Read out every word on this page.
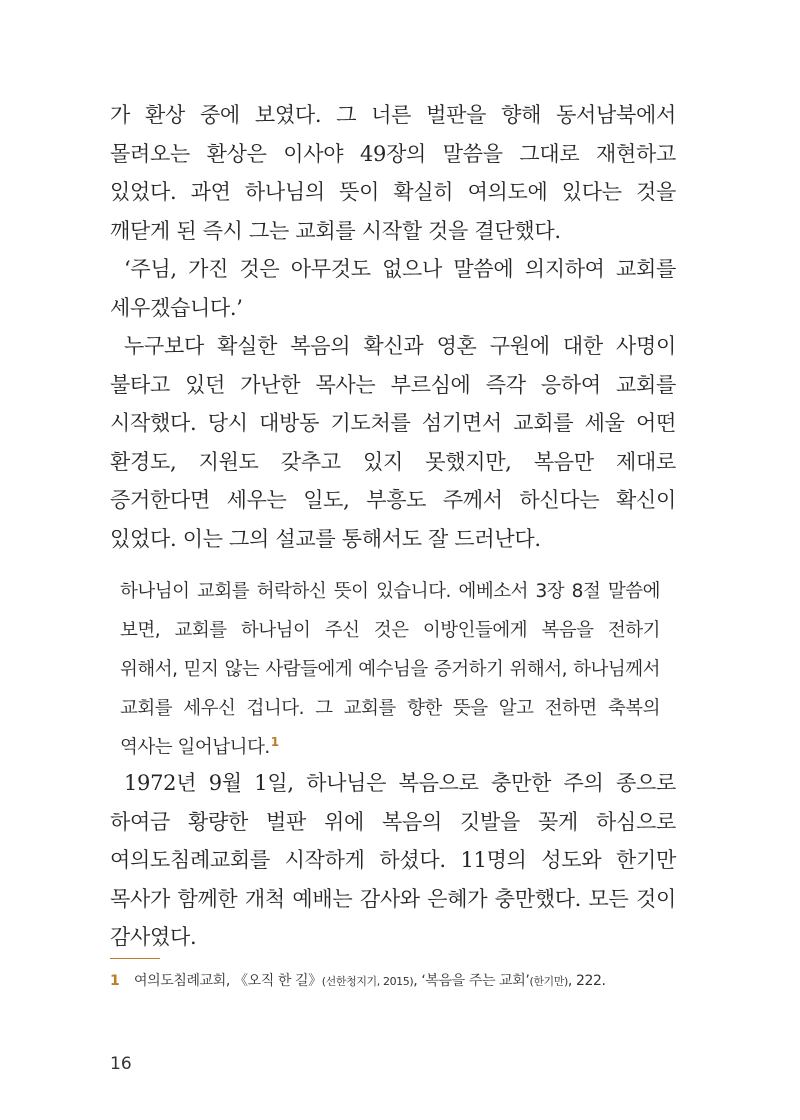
가 환상 중에 보였다. 그 너른 벌판을 향해 동서남북에서 몰려오는 환상은 이사야 49장의 말씀을 그대로 재현하고 있었다. 과연 하나님의 뜻이 확실히 여의도에 있다는 것을 깨닫게 된 즉시 그는 교회를 시작할 것을 결단했다.

‘주님, 가진 것은 아무것도 없으나 말씀에 의지하여 교회를 세우겠습니다.’

누구보다 확실한 복음의 확신과 영혼 구원에 대한 사명이 불타고 있던 가난한 목사는 부르심에 즉각 응하여 교회를 시작했다. 당시 대방동 기도처를 섬기면서 교회를 세울 어떤 환경도, 지원도 갖추고 있지 못했지만, 복음만 제대로 증거한다면 세우는 일도, 부흥도 주께서 하신다는 확신이 있었다. 이는 그의 설교를 통해서도 잘 드러난다.

하나님이 교회를 허락하신 뜻이 있습니다. 에베소서 3장 8절 말씀에 보면, 교회를 하나님이 주신 것은 이방인들에게 복음을 전하기 위해서, 믿지 않는 사람들에게 예수님을 증거하기 위해서, 하나님께서 교회를 세우신 겁니다. 그 교회를 향한 뜻을 알고 전하면 축복의 역사는 일어납니다.$^1$

1972년 9월 1일, 하나님은 복음으로 충만한 주의 종으로 하여금 황량한 벌판 위에 복음의 깃발을 꽂게 하심으로 여의도침례교회를 시작하게 하셨다. 11명의 성도와 한기만 목사가 함께한 개척 예배는 감사와 은혜가 충만했다. 모든 것이 감사였다.

1 여의도침례교회, 《오직 한 길》(선한청지기, 2015), ‘복음을 주는 교회’(한기만), 222.
16
